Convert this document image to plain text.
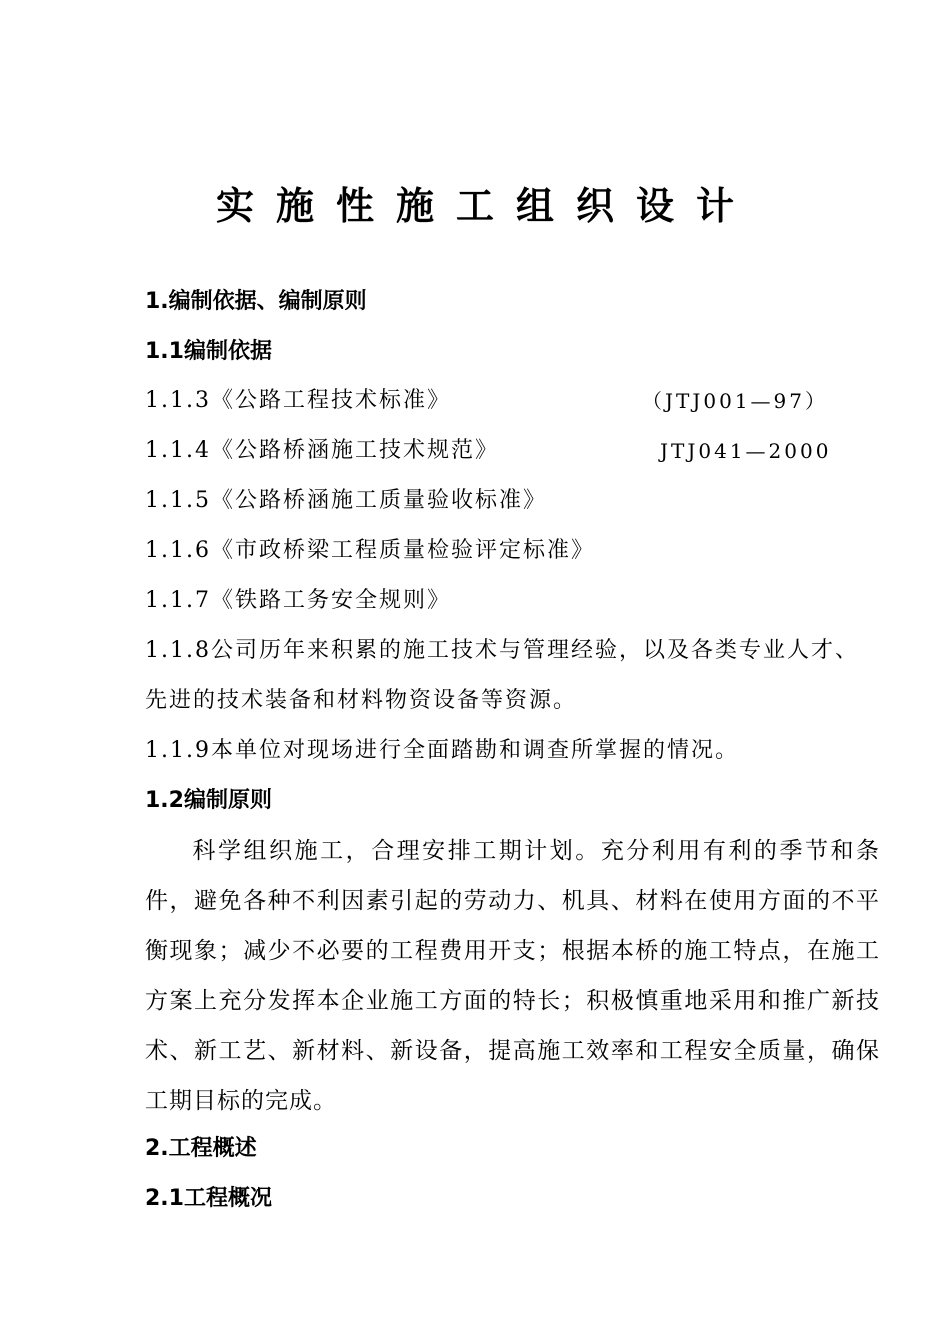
实施性施工组织设计
1.编制依据、编制原则
1.1编制依据
1.1.3《公路工程技术标准》	（JTJ001—97）
1.1.4《公路桥涵施工技术规范》	JTJ041—2000
1.1.5《公路桥涵施工质量验收标准》
1.1.6《市政桥梁工程质量检验评定标准》
1.1.7《铁路工务安全规则》
1.1.8公司历年来积累的施工技术与管理经验，以及各类专业人才、
先进的技术装备和材料物资设备等资源。
1.1.9本单位对现场进行全面踏勘和调查所掌握的情况。
1.2编制原则
科学组织施工，合理安排工期计划。充分利用有利的季节和条件，避免各种不利因素引起的劳动力、机具、材料在使用方面的不平衡现象；减少不必要的工程费用开支；根据本桥的施工特点，在施工方案上充分发挥本企业施工方面的特长；积极慎重地采用和推广新技术、新工艺、新材料、新设备，提高施工效率和工程安全质量，确保工期目标的完成。
2.工程概述
2.1工程概况
